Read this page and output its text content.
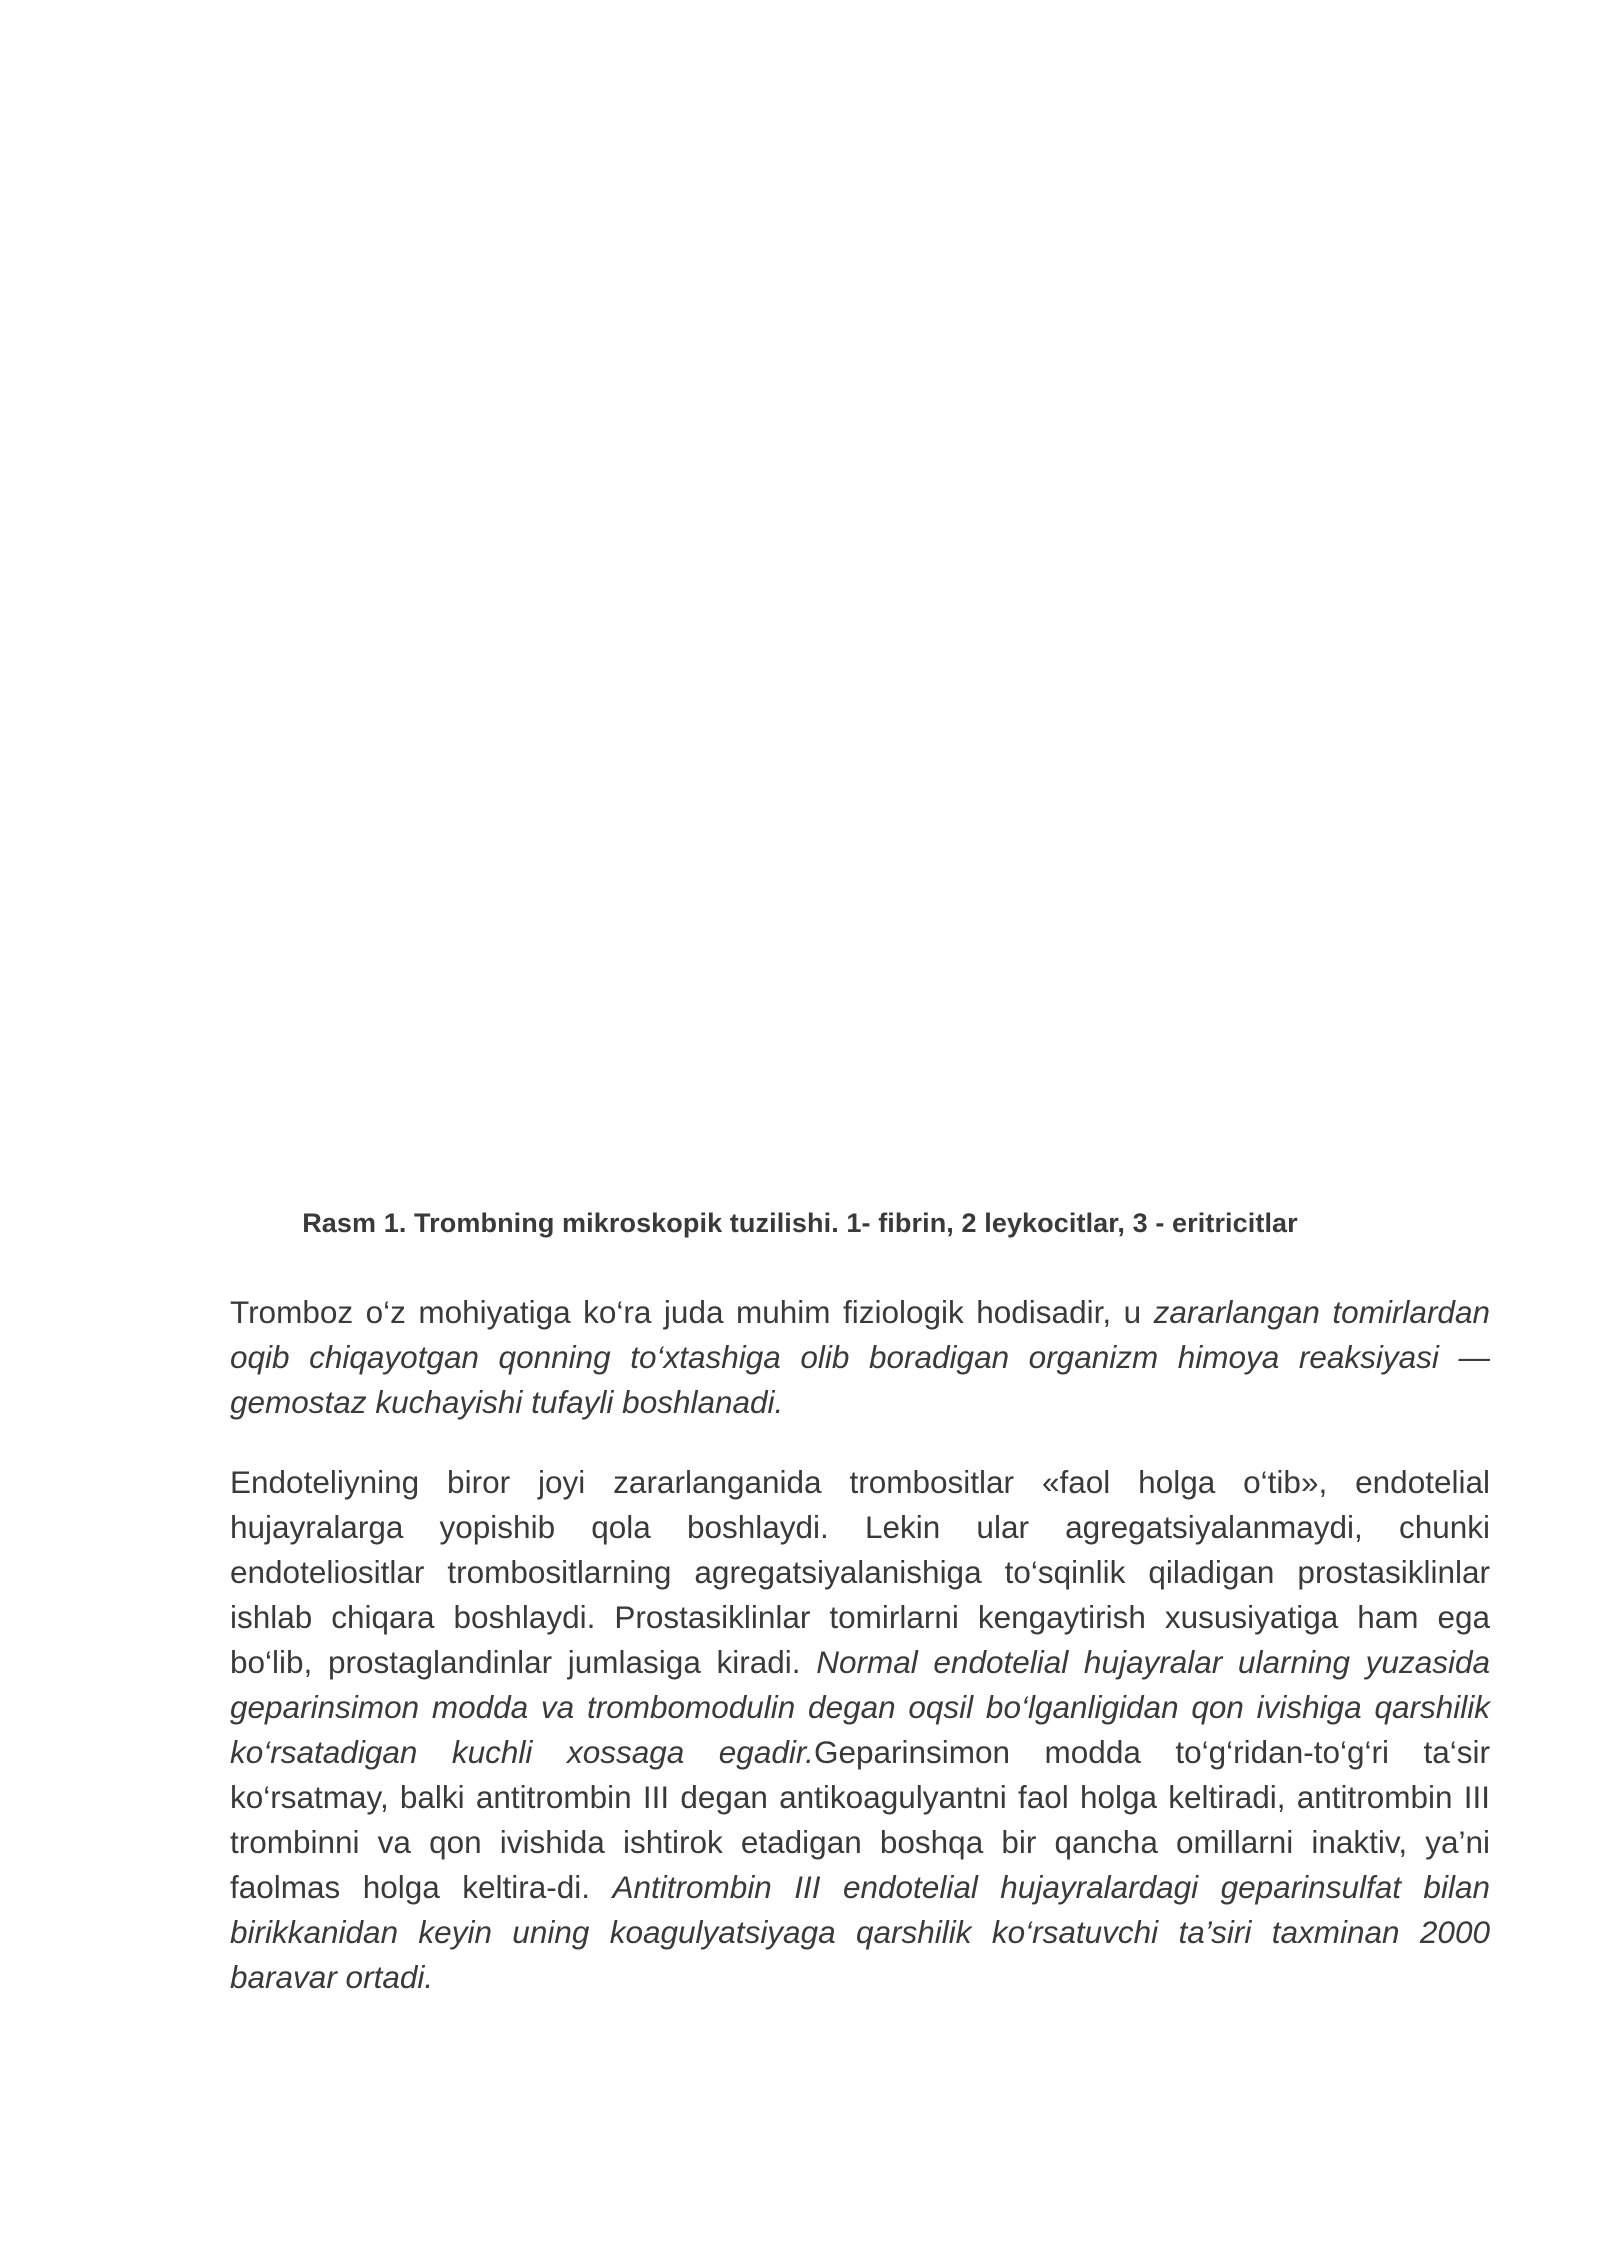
Rasm 1. Trombning mikroskopik tuzilishi. 1- fibrin, 2 leykocitlar, 3 - eritricitlar

Tromboz o‘z mohiyatiga ko‘ra juda muhim fiziologik hodisadir, u zararlangan tomirlardan oqib chiqayotgan qonning to‘xtashiga olib boradigan organizm himoya reaksiyasi — gemostaz kuchayishi tufayli boshlanadi.

Endoteliyning biror joyi zararlanganida trombositlar «faol holga o‘tib», endotelial hujayralarga yopishib qola boshlaydi. Lekin ular agregatsiyalanmaydi, chunki endoteliositlar trombositlarning agregatsiyalanishiga to‘sqinlik qiladigan prostasiklinlar ishlab chiqara boshlaydi. Prostasiklinlar tomirlarni kengaytirish xususiyatiga ham ega bo‘lib, prostaglandinlar jumlasiga kiradi. Normal endotelial hujayralar ularning yuzasida geparinsimon modda va trombomodulin degan oqsil bo‘lganligidan qon ivishiga qarshilik ko‘rsatadigan kuchli xossaga egadir.Geparinsimon modda to‘g‘ridan-to‘g‘ri ta‘sir ko‘rsatmay, balki antitrombin III degan antikoagulyantni faol holga keltiradi, antitrombin III trombinni va qon ivishida ishtirok etadigan boshqa bir qancha omillarni inaktiv, ya’ni faolmas holga keltira-di. Antitrombin III endotelial hujayralardagi geparinsulfat bilan birikkanidan keyin uning koagulyatsiyaga qarshilik ko‘rsatuvchi ta’siri taxminan 2000 baravar ortadi.
